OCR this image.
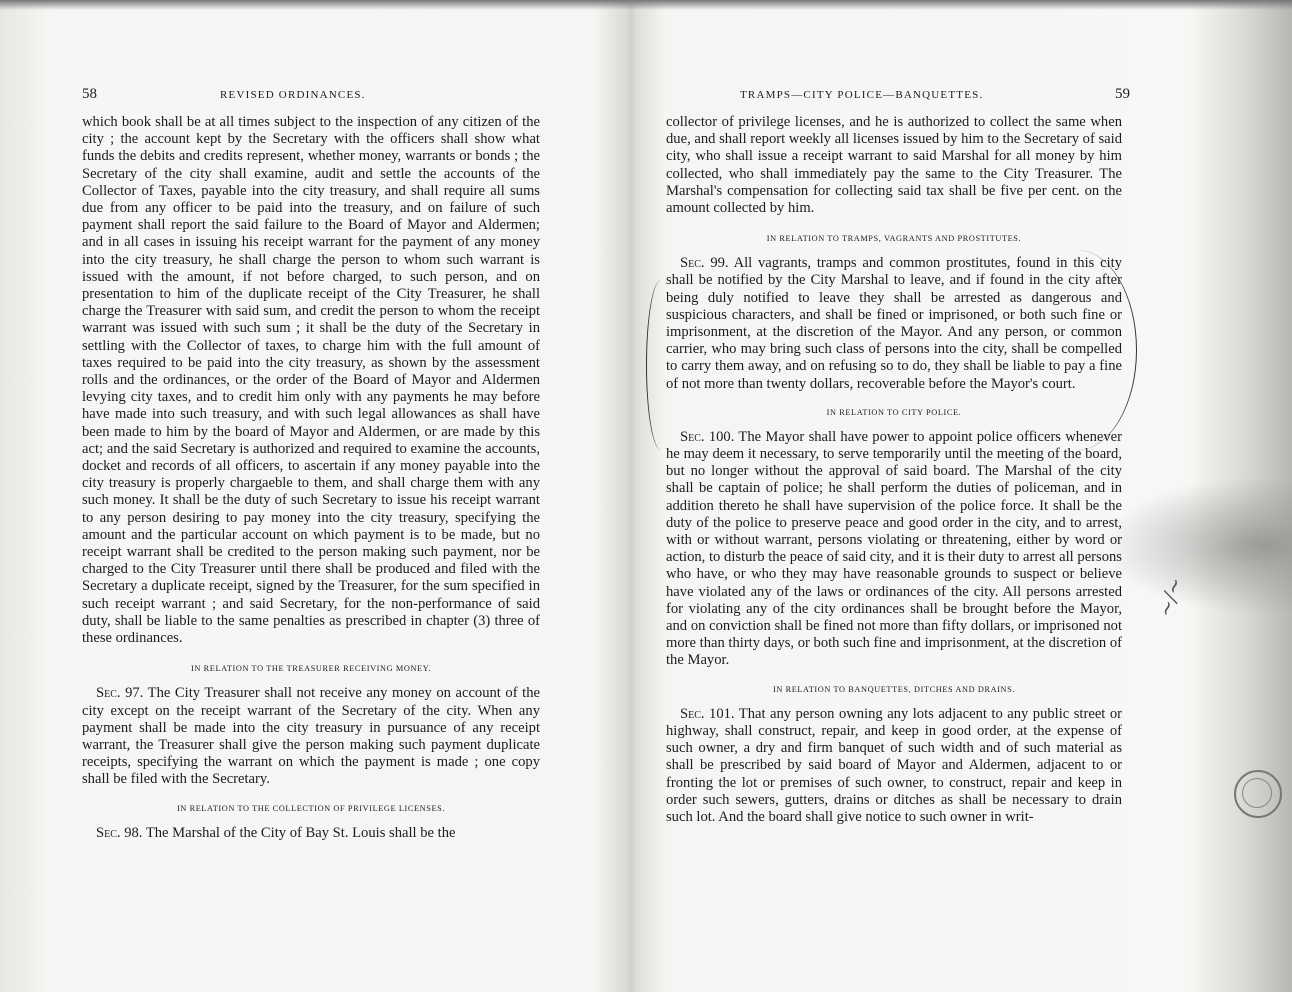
58	REVISED ORDINANCES.

which book shall be at all times subject to the inspection of any citizen of the city ; the account kept by the Secretary with the officers shall show what funds the debits and credits represent, whether money, warrants or bonds ; the Secretary of the city shall examine, audit and settle the accounts of the Collector of Taxes, payable into the city treasury, and shall require all sums due from any officer to be paid into the treasury, and on failure of such payment shall report the said failure to the Board of Mayor and Aldermen; and in all cases in issuing his receipt warrant for the payment of any money into the city treasury, he shall charge the person to whom such warrant is issued with the amount, if not before charged, to such person, and on presentation to him of the duplicate receipt of the City Treasurer, he shall charge the Treasurer with said sum, and credit the person to whom the receipt warrant was issued with such sum ; it shall be the duty of the Secretary in settling with the Collector of taxes, to charge him with the full amount of taxes required to be paid into the city treasury, as shown by the assessment rolls and the ordinances, or the order of the Board of Mayor and Aldermen levying city taxes, and to credit him only with any payments he may before have made into such treasury, and with such legal allowances as shall have been made to him by the board of Mayor and Aldermen, or are made by this act; and the said Secretary is authorized and required to examine the accounts, docket and records of all officers, to ascertain if any money payable into the city treasury is properly chargaeble to them, and shall charge them with any such money. It shall be the duty of such Secretary to issue his receipt warrant to any person desiring to pay money into the city treasury, specifying the amount and the particular account on which payment is to be made, but no receipt warrant shall be credited to the person making such payment, nor be charged to the City Treasurer until there shall be produced and filed with the Secretary a duplicate receipt, signed by the Treasurer, for the sum specified in such receipt warrant ; and said Secretary, for the non-performance of said duty, shall be liable to the same penalties as prescribed in chapter (3) three of these ordinances.

IN RELATION TO THE TREASURER RECEIVING MONEY.

Sec. 97. The City Treasurer shall not receive any money on account of the city except on the receipt warrant of the Secretary of the city. When any payment shall be made into the city treasury in pursuance of any receipt warrant, the Treasurer shall give the person making such payment duplicate receipts, specifying the warrant on which the payment is made ; one copy shall be filed with the Secretary.

IN RELATION TO THE COLLECTION OF PRIVILEGE LICENSES.

Sec. 98. The Marshal of the City of Bay St. Louis shall be the

TRAMPS—CITY POLICE—BANQUETTES.	59

collector of privilege licenses, and he is authorized to collect the same when due, and shall report weekly all licenses issued by him to the Secretary of said city, who shall issue a receipt warrant to said Marshal for all money by him collected, who shall immediately pay the same to the City Treasurer. The Marshal's compensation for collecting said tax shall be five per cent. on the amount collected by him.

IN RELATION TO TRAMPS, VAGRANTS AND PROSTITUTES.

Sec. 99. All vagrants, tramps and common prostitutes, found in this city shall be notified by the City Marshal to leave, and if found in the city after being duly notified to leave they shall be arrested as dangerous and suspicious characters, and shall be fined or imprisoned, or both such fine or imprisonment, at the discretion of the Mayor. And any person, or common carrier, who may bring such class of persons into the city, shall be compelled to carry them away, and on refusing so to do, they shall be liable to pay a fine of not more than twenty dollars, recoverable before the Mayor's court.

IN RELATION TO CITY POLICE.

Sec. 100. The Mayor shall have power to appoint police officers whenever he may deem it necessary, to serve temporarily until the meeting of the board, but no longer without the approval of said board. The Marshal of the city shall be captain of police; he shall perform the duties of policeman, and in addition thereto he shall have supervision of the police force. It shall be the duty of the police to preserve peace and good order in the city, and to arrest, with or without warrant, persons violating or threatening, either by word or action, to disturb the peace of said city, and it is their duty to arrest all persons who have, or who they may have reasonable grounds to suspect or believe have violated any of the laws or ordinances of the city. All persons arrested for violating any of the city ordinances shall be brought before the Mayor, and on conviction shall be fined not more than fifty dollars, or imprisoned not more than thirty days, or both such fine and imprisonment, at the discretion of the Mayor.

IN RELATION TO BANQUETTES, DITCHES AND DRAINS.

Sec. 101. That any person owning any lots adjacent to any public street or highway, shall construct, repair, and keep in good order, at the expense of such owner, a dry and firm banquet of such width and of such material as shall be prescribed by said board of Mayor and Aldermen, adjacent to or fronting the lot or premises of such owner, to construct, repair and keep in order such sewers, gutters, drains or ditches as shall be necessary to drain such lot. And the board shall give notice to such owner in writ-

∼∕∼
